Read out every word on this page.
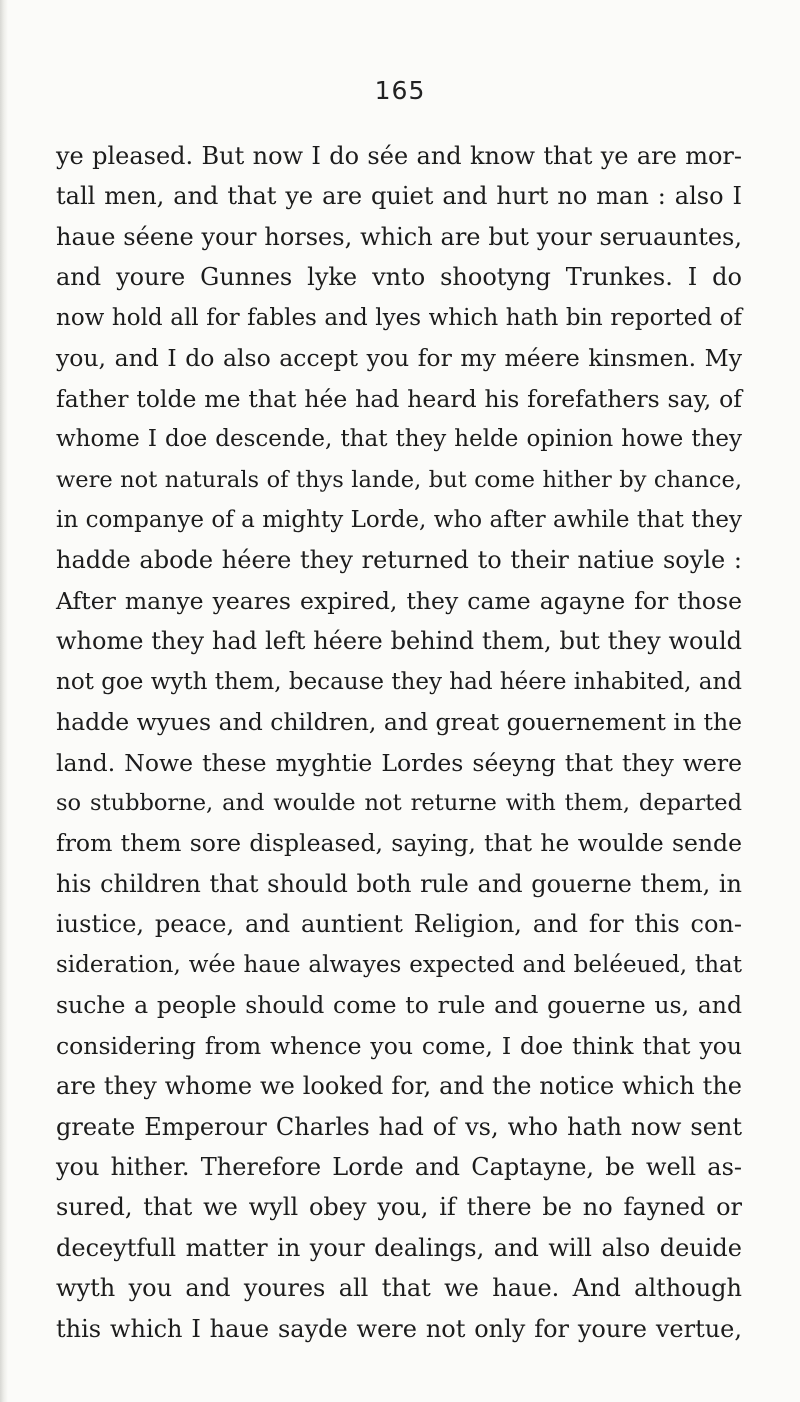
165
ye pleased. But now I do sée and know that ye are mor-
tall men, and that ye are quiet and hurt no man : also I
haue séene your horses, which are but your seruauntes,
and youre Gunnes lyke vnto shootyng Trunkes. I do
now hold all for fables and lyes which hath bin reported of
you, and I do also accept you for my méere kinsmen. My
father tolde me that hée had heard his forefathers say, of
whome I doe descende, that they helde opinion howe they
were not naturals of thys lande, but come hither by chance,
in companye of a mighty Lorde, who after awhile that they
hadde abode héere they returned to their natiue soyle :
After manye yeares expired, they came agayne for those
whome they had left héere behind them, but they would
not goe wyth them, because they had héere inhabited, and
hadde wyues and children, and great gouernement in the
land. Nowe these myghtie Lordes séeyng that they were
so stubborne, and woulde not returne with them, departed
from them sore displeased, saying, that he woulde sende
his children that should both rule and gouerne them, in
iustice, peace, and auntient Religion, and for this con-
sideration, wée haue alwayes expected and beléeued, that
suche a people should come to rule and gouerne us, and
considering from whence you come, I doe think that you
are they whome we looked for, and the notice which the
greate Emperour Charles had of vs, who hath now sent
you hither. Therefore Lorde and Captayne, be well as-
sured, that we wyll obey you, if there be no fayned or
deceytfull matter in your dealings, and will also deuide
wyth you and youres all that we haue. And although
this which I haue sayde were not only for youre vertue,
